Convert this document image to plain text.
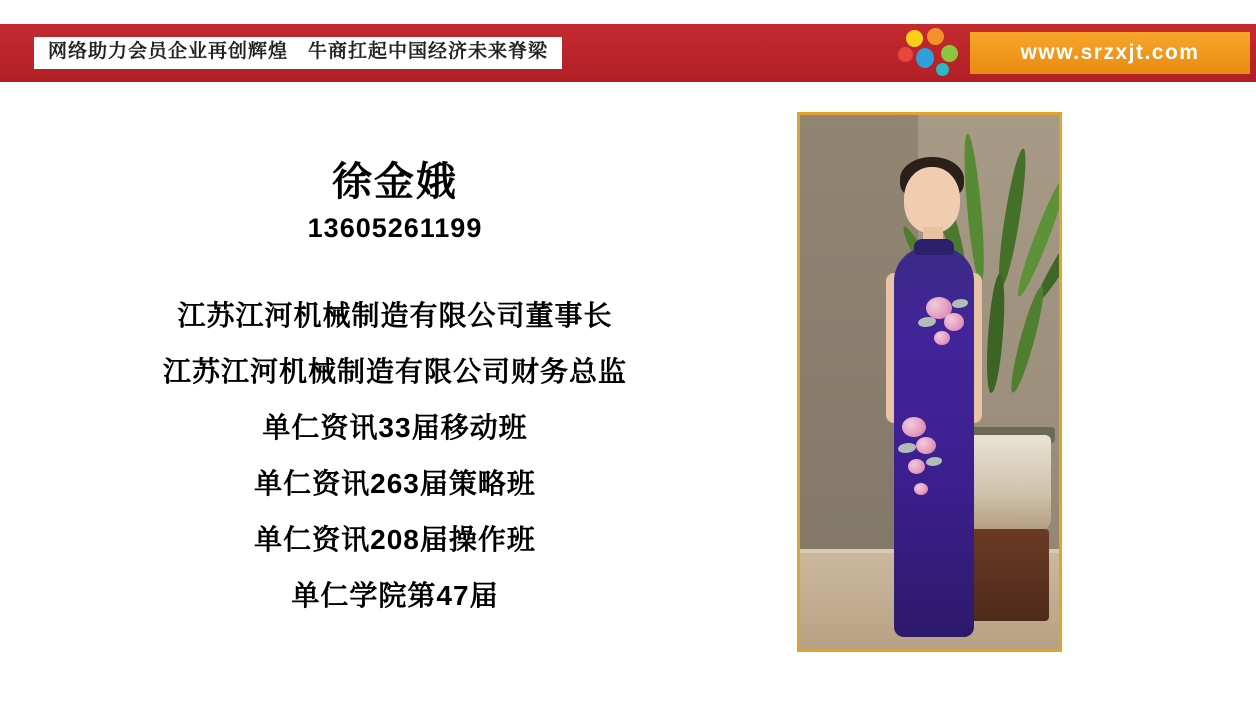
网络助力会员企业再创辉煌　牛商扛起中国经济未来脊梁	www.srzxjt.com
徐金娥
13605261199
江苏江河机械制造有限公司董事长
江苏江河机械制造有限公司财务总监
单仁资讯33届移动班
单仁资讯263届策略班
单仁资讯208届操作班
单仁学院第47届
